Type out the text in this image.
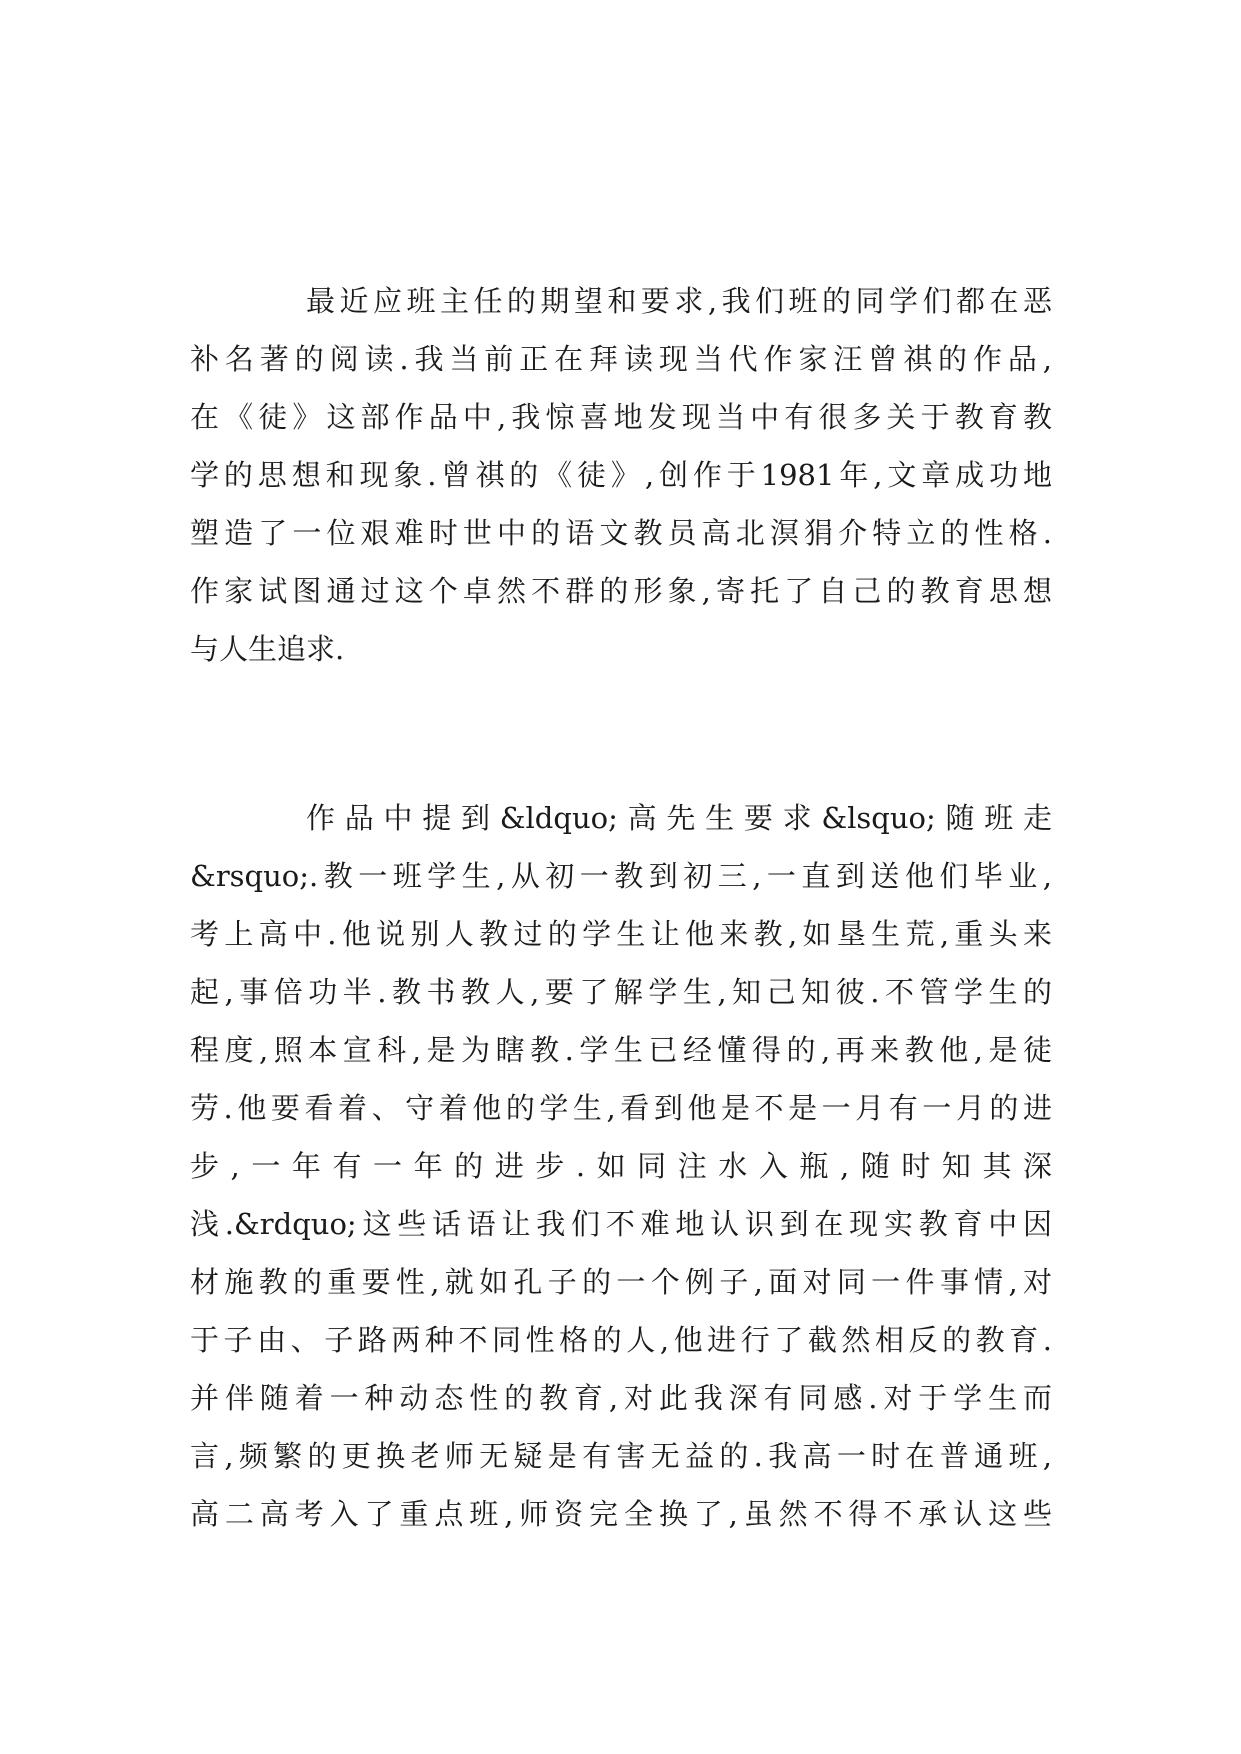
最近应班主任的期望和要求,我们班的同学们都在恶
补名著的阅读.我当前正在拜读现当代作家汪曾祺的作品,
在《徒》这部作品中,我惊喜地发现当中有很多关于教育教
学的思想和现象.曾祺的《徒》,创作于1981年,文章成功地
塑造了一位艰难时世中的语文教员高北溟狷介特立的性格.
作家试图通过这个卓然不群的形象,寄托了自己的教育思想
与人生追求.
作品中提到&ldquo;高先生要求&lsquo;随班走
&rsquo;.教一班学生,从初一教到初三,一直到送他们毕业,
考上高中.他说别人教过的学生让他来教,如垦生荒,重头来
起,事倍功半.教书教人,要了解学生,知己知彼.不管学生的
程度,照本宣科,是为瞎教.学生已经懂得的,再来教他,是徒
劳.他要看着、守着他的学生,看到他是不是一月有一月的进
步,一年有一年的进步.如同注水入瓶,随时知其深
浅.&rdquo;这些话语让我们不难地认识到在现实教育中因
材施教的重要性,就如孔子的一个例子,面对同一件事情,对
于子由、子路两种不同性格的人,他进行了截然相反的教育.
并伴随着一种动态性的教育,对此我深有同感.对于学生而
言,频繁的更换老师无疑是有害无益的.我高一时在普通班,
高二高考入了重点班,师资完全换了,虽然不得不承认这些
